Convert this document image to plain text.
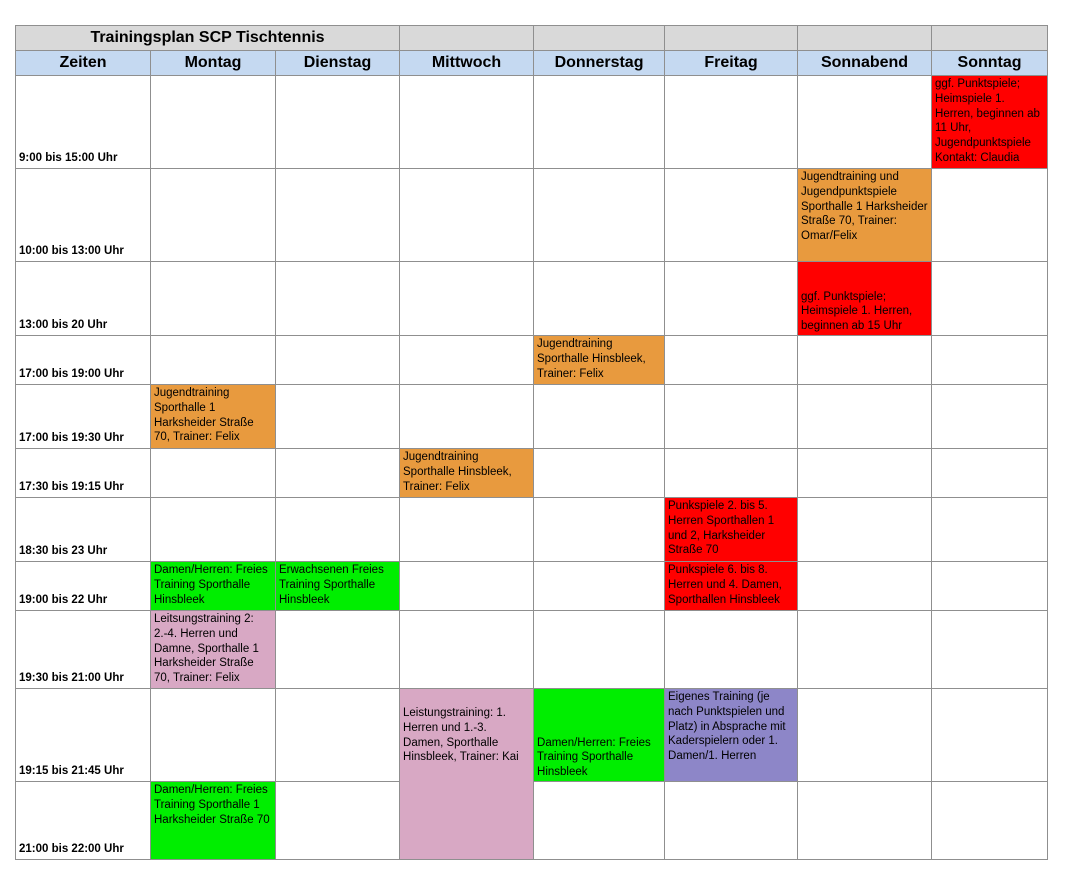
Trainingsplan SCP Tischtennis							
Zeiten	Montag	Dienstag	Mittwoch	Donnerstag	Freitag	Sonnabend	Sonntag
9:00 bis 15:00 Uhr							ggf. Punktspiele; Heimspiele 1. Herren, beginnen ab 11 Uhr, Jugendpunktspiele Kontakt: Claudia
10:00 bis 13:00 Uhr						Jugendtraining und Jugendpunktspiele Sporthalle 1 Harksheider Straße 70, Trainer: Omar/Felix	
13:00 bis 20 Uhr						ggf. Punktspiele; Heimspiele 1. Herren, beginnen ab 15 Uhr	
17:00 bis 19:00 Uhr				Jugendtraining Sporthalle Hinsbleek, Trainer: Felix			
17:00 bis 19:30 Uhr	Jugendtraining Sporthalle 1 Harksheider Straße 70, Trainer: Felix						
17:30 bis 19:15 Uhr			Jugendtraining Sporthalle Hinsbleek, Trainer: Felix				
18:30 bis 23 Uhr					Punkspiele 2. bis 5. Herren Sporthallen 1 und 2, Harksheider Straße 70		
19:00 bis 22 Uhr	Damen/Herren: Freies Training Sporthalle Hinsbleek	Erwachsenen Freies Training Sporthalle Hinsbleek			Punkspiele 6. bis 8. Herren und 4. Damen, Sporthallen Hinsbleek		
19:30 bis 21:00 Uhr	Leitsungstraining 2: 2.-4. Herren und Damne, Sporthalle 1 Harksheider Straße 70, Trainer: Felix						
19:15 bis 21:45 Uhr			Leistungstraining: 1. Herren und 1.-3. Damen, Sporthalle Hinsbleek, Trainer: Kai	Damen/Herren: Freies Training Sporthalle Hinsbleek	Eigenes Training (je nach Punktspielen und Platz) in Absprache mit Kaderspielern oder 1. Damen/1. Herren		
21:00 bis 22:00 Uhr	Damen/Herren: Freies Training Sporthalle 1 Harksheider Straße 70						
